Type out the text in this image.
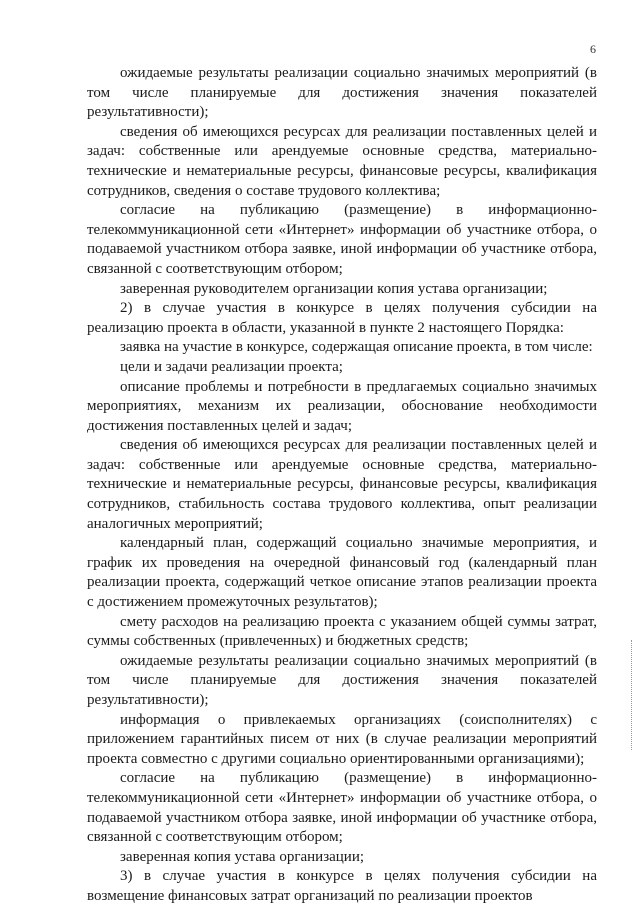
6

ожидаемые результаты реализации социально значимых мероприятий (в том числе планируемые для достижения значения показателей результативности);

сведения об имеющихся ресурсах для реализации поставленных целей и задач: собственные или арендуемые основные средства, материально-технические и нематериальные ресурсы, финансовые ресурсы, квалификация сотрудников, сведения о составе трудового коллектива;

согласие на публикацию (размещение) в информационно-телекоммуникационной сети «Интернет» информации об участнике отбора, о подаваемой участником отбора заявке, иной информации об участнике отбора, связанной с соответствующим отбором;

заверенная руководителем организации копия устава организации;

2) в случае участия в конкурсе в целях получения субсидии на реализацию проекта в области, указанной в пункте 2 настоящего Порядка:

заявка на участие в конкурсе, содержащая описание проекта, в том числе:

цели и задачи реализации проекта;

описание проблемы и потребности в предлагаемых социально значимых мероприятиях, механизм их реализации, обоснование необходимости достижения поставленных целей и задач;

сведения об имеющихся ресурсах для реализации поставленных целей и задач: собственные или арендуемые основные средства, материально-технические и нематериальные ресурсы, финансовые ресурсы, квалификация сотрудников, стабильность состава трудового коллектива, опыт реализации аналогичных мероприятий;

календарный план, содержащий социально значимые мероприятия, и график их проведения на очередной финансовый год (календарный план реализации проекта, содержащий четкое описание этапов реализации проекта с достижением промежуточных результатов);

смету расходов на реализацию проекта с указанием общей суммы затрат, суммы собственных (привлеченных) и бюджетных средств;

ожидаемые результаты реализации социально значимых мероприятий (в том числе планируемые для достижения значения показателей результативности);

информация о привлекаемых организациях (соисполнителях) с приложением гарантийных писем от них (в случае реализации мероприятий проекта совместно с другими социально ориентированными организациями);

согласие на публикацию (размещение) в информационно-телекоммуникационной сети «Интернет» информации об участнике отбора, о подаваемой участником отбора заявке, иной информации об участнике отбора, связанной с соответствующим отбором;

заверенная копия устава организации;

3) в случае участия в конкурсе в целях получения субсидии на возмещение финансовых затрат организаций по реализации проектов
